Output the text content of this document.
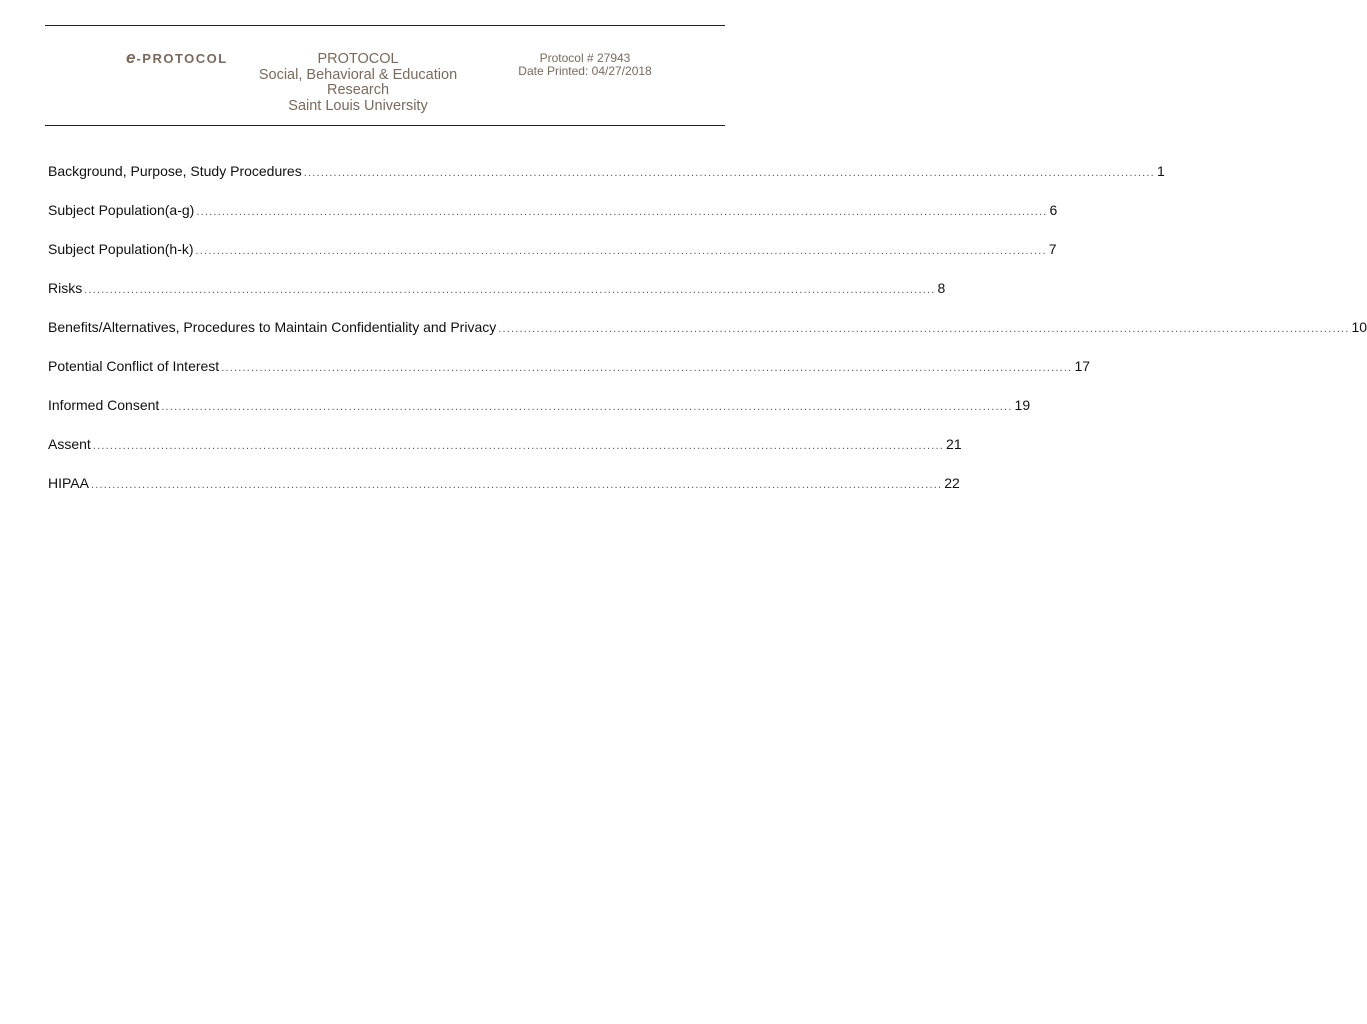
e-PROTOCOL	PROTOCOL
Social, Behavioral & Education
Research
Saint Louis University
Protocol # 27943
Date Printed: 04/27/2018
Background, Purpose, Study Procedures ........................................................................................................................................................................................................ 1
Subject Population(a-g) ........................................................................................................................................................................................................ 6
Subject Population(h-k) ........................................................................................................................................................................................................ 7
Risks ........................................................................................................................................................................................................ 8
Benefits/Alternatives, Procedures to Maintain Confidentiality and Privacy ........................................................................................................................................................................................................ 10
Potential Conflict of Interest ........................................................................................................................................................................................................ 17
Informed Consent ........................................................................................................................................................................................................ 19
Assent ........................................................................................................................................................................................................ 21
HIPAA ........................................................................................................................................................................................................ 22
